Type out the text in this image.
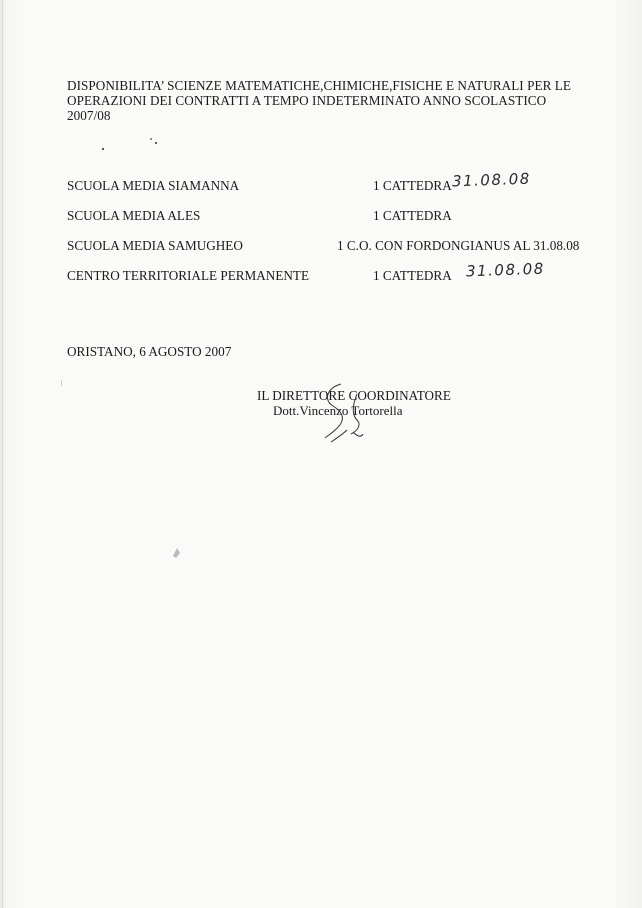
DISPONIBILITA’ SCIENZE MATEMATICHE,CHIMICHE,FISICHE E NATURALI PER LE
OPERAZIONI DEI CONTRATTI A TEMPO INDETERMINATO ANNO SCOLASTICO
2007/08
SCUOLA MEDIA SIAMANNA	1 CATTEDRA 31.08.08
SCUOLA MEDIA ALES	1 CATTEDRA
SCUOLA MEDIA SAMUGHEO	1 C.O. CON FORDONGIANUS AL 31.08.08
CENTRO TERRITORIALE PERMANENTE	1 CATTEDRA 31.08.08
ORISTANO, 6 AGOSTO 2007
IL DIRETTORE COORDINATORE
Dott.Vincenzo Tortorella
